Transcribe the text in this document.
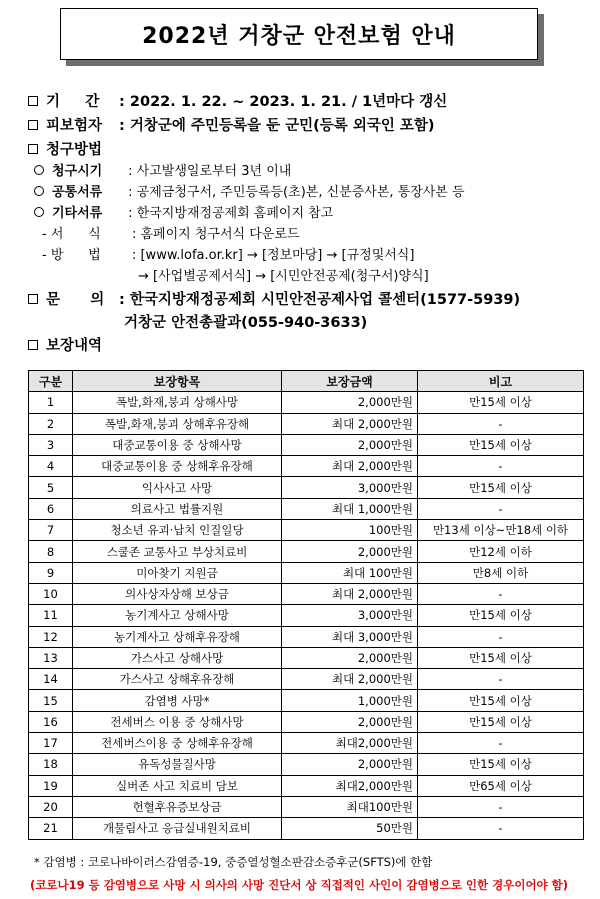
2022년 거창군 안전보험 안내
기     간 : 2022. 1. 22. ~ 2023. 1. 21. / 1년마다 갱신
피보험자 : 거창군에 주민등록을 둔 군민(등록 외국인 포함)
청구방법
청구시기 : 사고발생일로부터 3년 이내
공통서류 : 공제금청구서, 주민등록등(초)본, 신분증사본, 통장사본 등
기타서류 : 한국지방재정공제회 홈페이지 참고
- 서      식 : 홈페이지 청구서식 다운로드
- 방      법 : [www.lofa.or.kr] → [정보마당] → [규정및서식]
→ [사업별공제서식] → [시민안전공제(청구서)양식]
문      의 : 한국지방재정공제회 시민안전공제사업 콜센터(1577-5939)
거창군 안전총괄과(055-940-3633)
보장내역
구분	보장항목	보장금액	비고
1	폭발,화재,붕괴 상해사망	2,000만원	만15세 이상
2	폭발,화재,붕괴 상해후유장해	최대 2,000만원	-
3	대중교통이용 중 상해사망	2,000만원	만15세 이상
4	대중교통이용 중 상해후유장해	최대 2,000만원	-
5	익사사고 사망	3,000만원	만15세 이상
6	의료사고 법률지원	최대 1,000만원	-
7	청소년 유괴·납치 인질일당	100만원	만13세 이상~만18세 이하
8	스쿨존 교통사고 부상치료비	2,000만원	만12세 이하
9	미아찾기 지원금	최대 100만원	만8세 이하
10	의사상자상해 보상금	최대 2,000만원	-
11	농기계사고 상해사망	3,000만원	만15세 이상
12	농기계사고 상해후유장해	최대 3,000만원	-
13	가스사고 상해사망	2,000만원	만15세 이상
14	가스사고 상해후유장해	최대 2,000만원	-
15	감염병 사망*	1,000만원	만15세 이상
16	전세버스 이용 중 상해사망	2,000만원	만15세 이상
17	전세버스이용 중 상해후유장해	최대2,000만원	-
18	유독성물질사망	2,000만원	만15세 이상
19	실버존 사고 치료비 담보	최대2,000만원	만65세 이상
20	헌혈후유증보상금	최대100만원	-
21	개물림사고 응급실내원치료비	50만원	-
* 감염병 : 코로나바이러스감염증-19, 중증열성혈소판감소증후군(SFTS)에 한함
(코로나19 등 감염병으로 사망 시 의사의 사망 진단서 상 직접적인 사인이 감염병으로 인한 경우이어야 함)
